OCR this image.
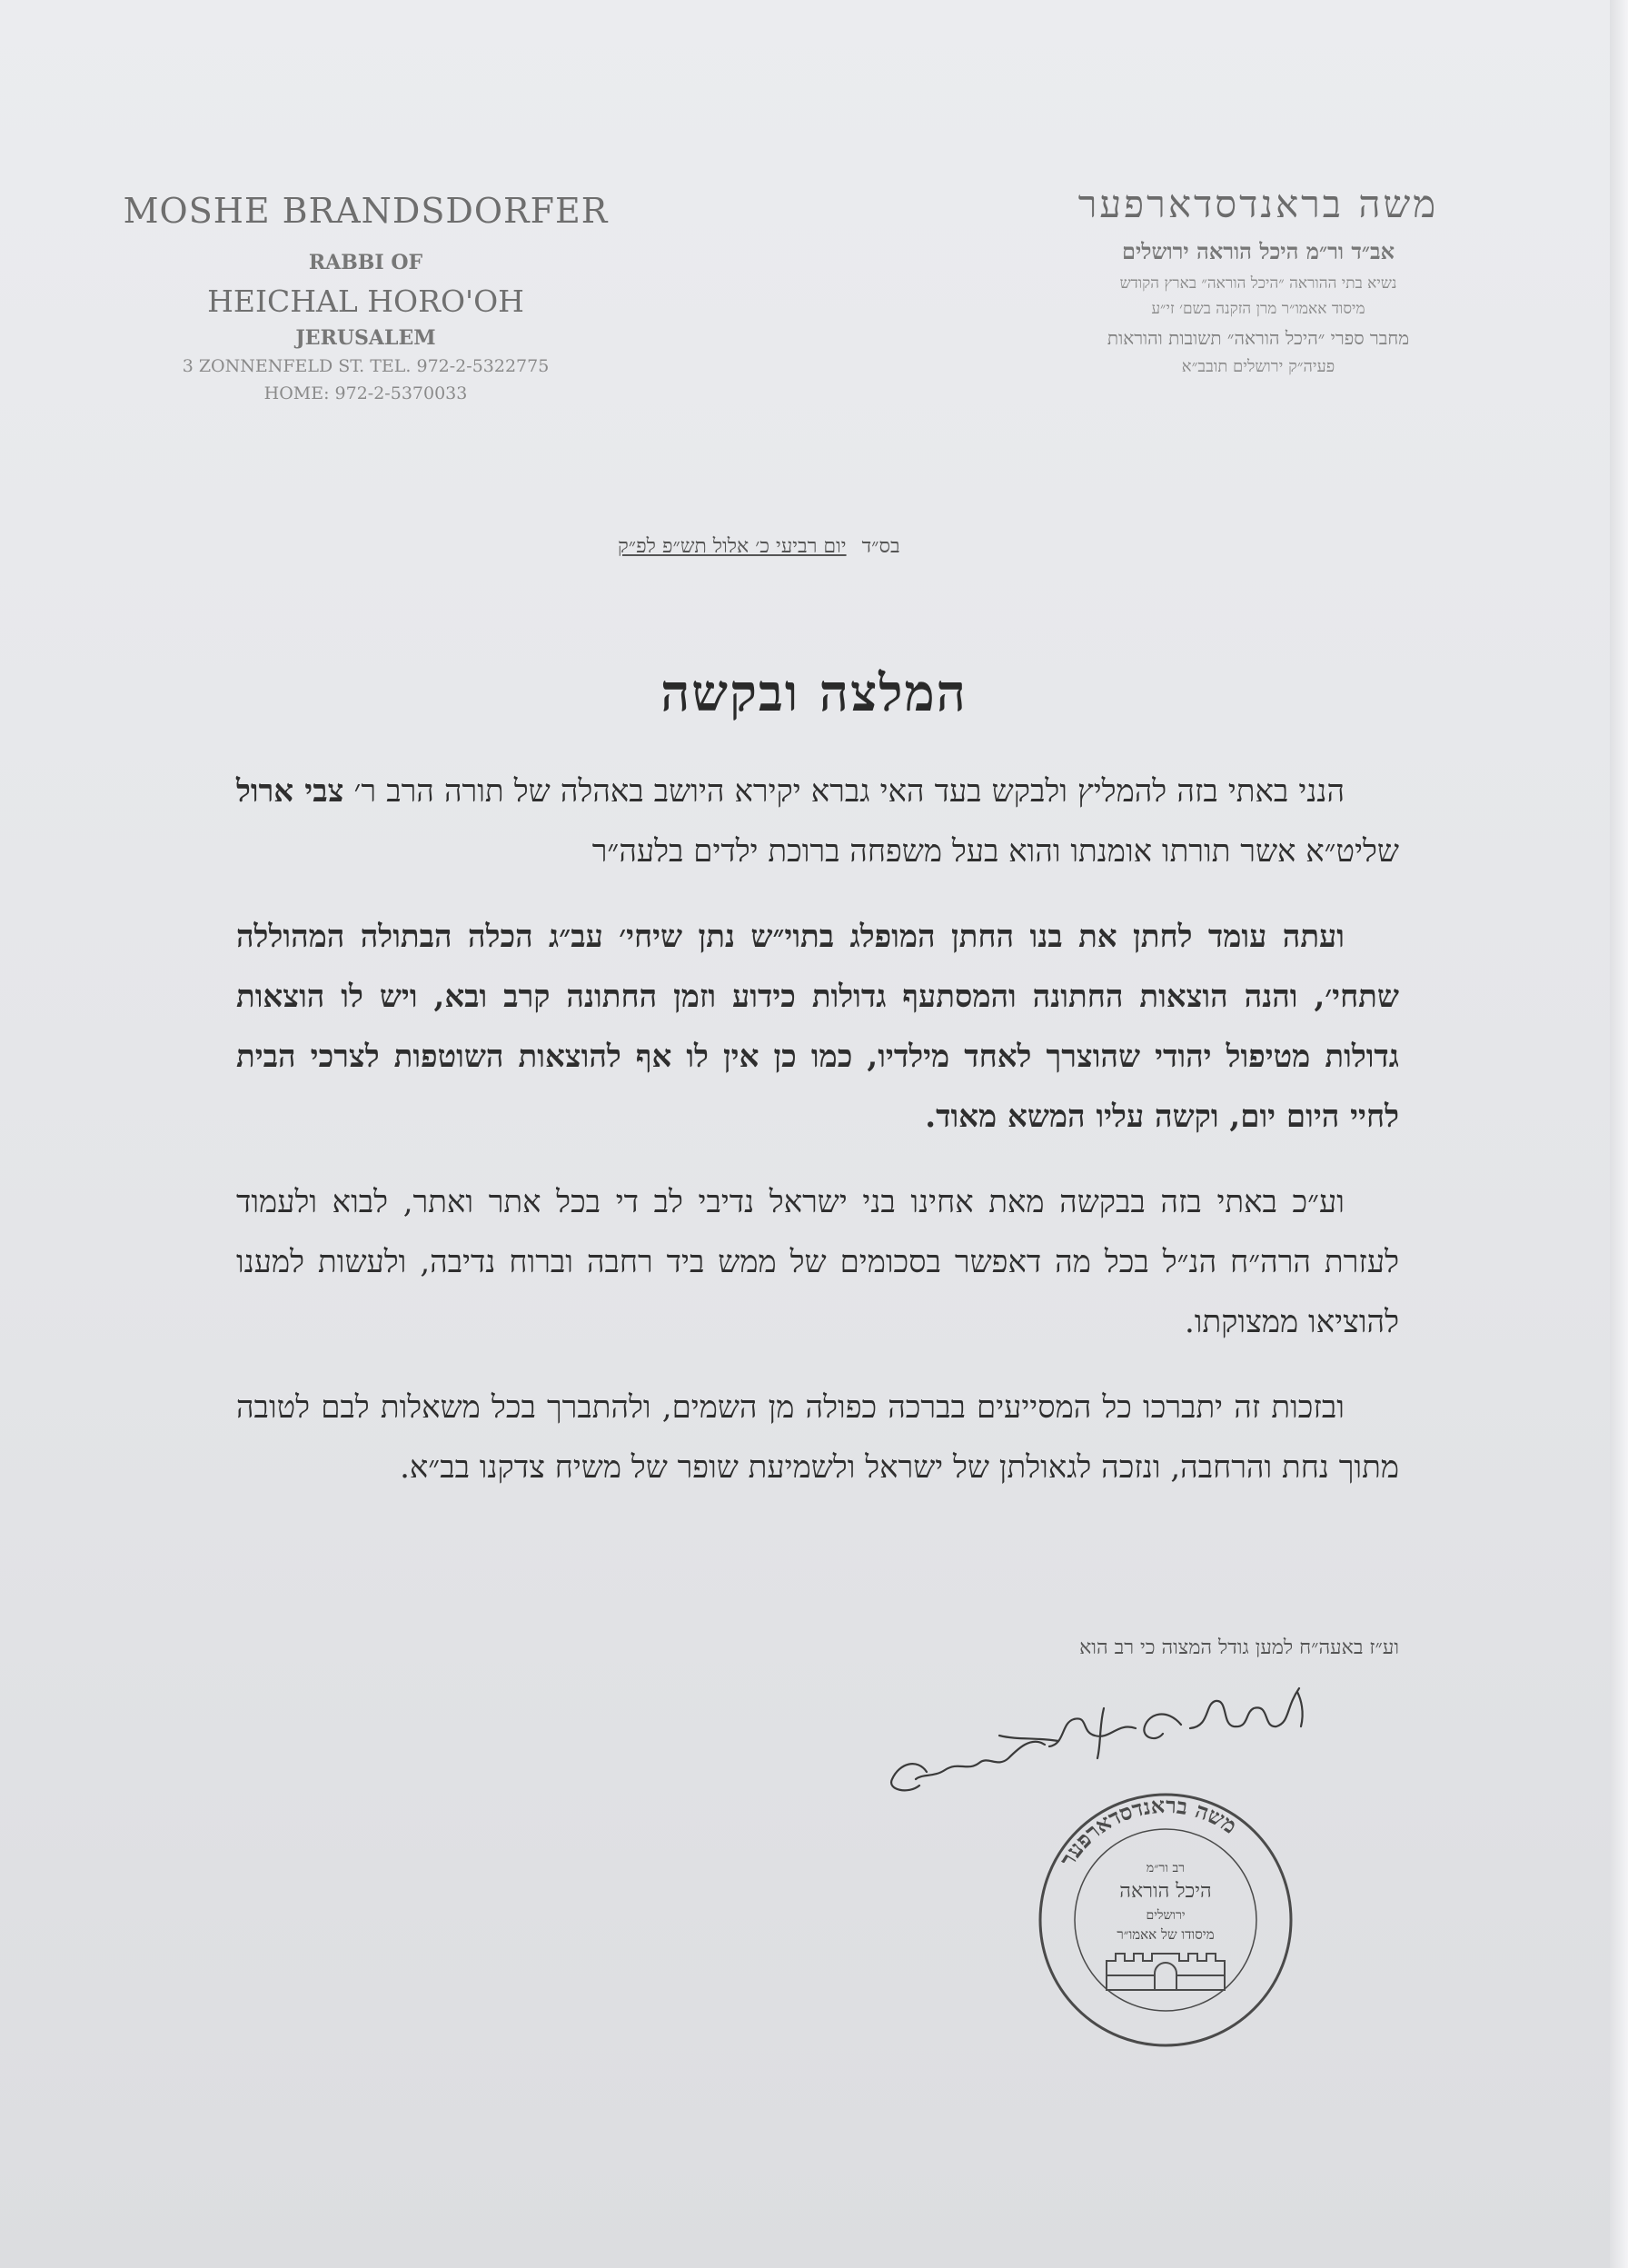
MOSHE BRANDSDORFER
RABBI OF
HEICHAL HORO'OH
JERUSALEM
3 ZONNENFELD ST. TEL. 972-2-5322775
HOME: 972-2-5370033
משה בראנדסדארפער
אב״ד ור״מ היכל הוראה ירושלים
נשיא בתי ההוראה ״היכל הוראה״ בארץ הקודש
מיסוד אאמו״ר מרן הזקנה בשם׳ זי״ע
מחבר ספרי ״היכל הוראה״ תשובות והוראות
פעיה״ק ירושלים תובב״א
בס״ד יום רביעי כ׳ אלול תש״פ לפ״ק
המלצה ובקשה

הנני באתי בזה להמליץ ולבקש בעד האי גברא יקירא היושב באהלה של תורה הרב ר׳ צבי ארול שליט״א אשר תורתו אומנתו והוא בעל משפחה ברוכת ילדים בלעה״ר

ועתה עומד לחתן את בנו החתן המופלג בתוי״ש נתן שיחי׳ עב״ג הכלה הבתולה המהוללה שתחי׳, והנה הוצאות החתונה והמסתעף גדולות כידוע וזמן החתונה קרב ובא, ויש לו הוצאות גדולות מטיפול יהודי שהוצרך לאחד מילדיו, כמו כן אין לו אף להוצאות השוטפות לצרכי הבית לחיי היום יום, וקשה עליו המשא מאוד.

וע״כ באתי בזה בבקשה מאת אחינו בני ישראל נדיבי לב די בכל אתר ואתר, לבוא ולעמוד לעזרת הרה״ח הנ״ל בכל מה דאפשר בסכומים של ממש ביד רחבה וברוח נדיבה, ולעשות למענו להוציאו ממצוקתו.

ובזכות זה יתברכו כל המסייעים בברכה כפולה מן השמים, ולהתברך בכל משאלות לבם לטובה מתוך נחת והרחבה, ונזכה לגאולתן של ישראל ולשמיעת שופר של משיח צדקנו בב״א.

וע״ז באעה״ח למען גודל המצוה כי רב הוא
משה בראנדסדארפער
רב ור״מ
היכל הוראה
ירושלים
מיסודו של אאמו״ר
